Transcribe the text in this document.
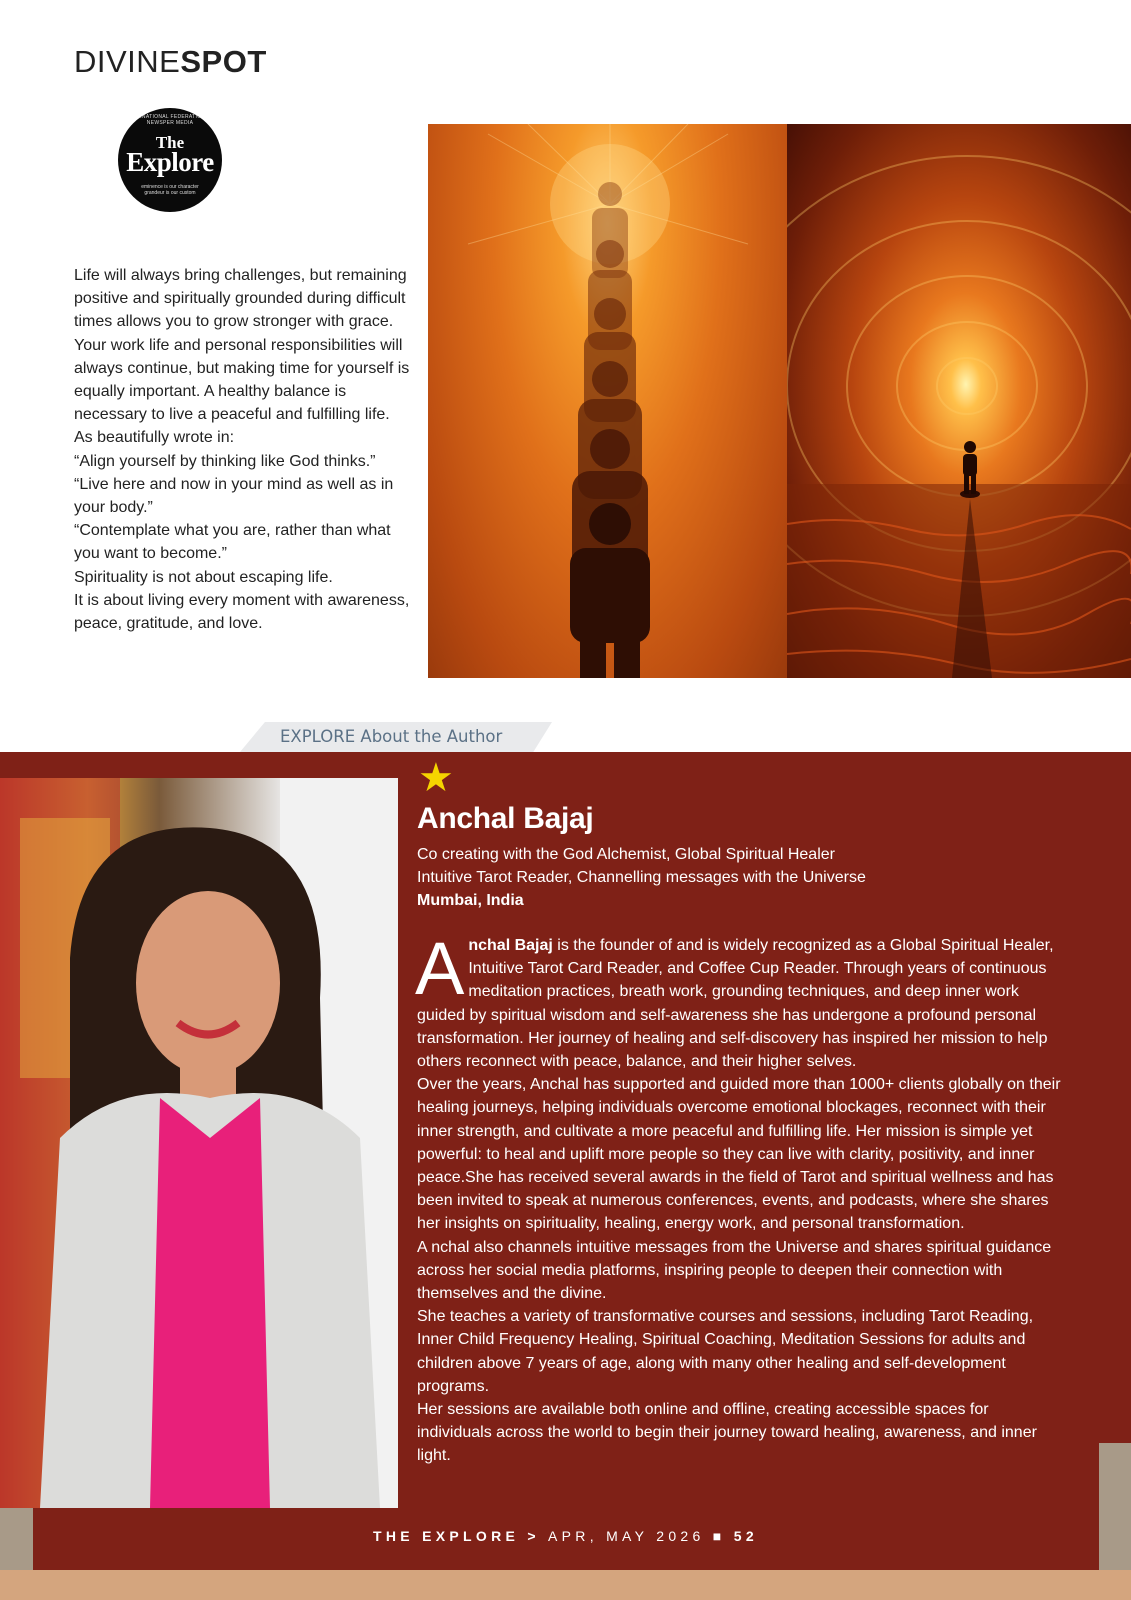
DIVINESPOT
INTERNATIONAL FEDERATION OF NEWSPER MEDIA
The
Explore
eminence is our character grandeur is our custom

Life will always bring challenges, but remaining positive and spiritually grounded during difficult times allows you to grow stronger with grace.

Your work life and personal responsibilities will always continue, but making time for yourself is equally important. A healthy balance is necessary to live a peaceful and fulfilling life.

As beautifully wrote in:

“Align yourself by thinking like God thinks.”

“Live here and now in your mind as well as in your body.”

“Contemplate what you are, rather than what you want to become.”

Spirituality is not about escaping life.

It is about living every moment with awareness, peace, gratitude, and love.

EXPLORE About the Author
★
Anchal Bajaj

Co creating with the God Alchemist, Global Spiritual Healer

Intuitive Tarot Reader, Channelling messages with the Universe

Mumbai, India

Anchal Bajaj is the founder of and is widely recognized as a Global Spiritual Healer, Intuitive Tarot Card Reader, and Coffee Cup Reader. Through years of continuous meditation practices, breath work, grounding techniques, and deep inner work guided by spiritual wisdom and self-awareness she has undergone a profound personal transformation. Her journey of healing and self-discovery has inspired her mission to help others reconnect with peace, balance, and their higher selves.

Over the years, Anchal has supported and guided more than 1000+ clients globally on their healing journeys, helping individuals overcome emotional blockages, reconnect with their inner strength, and cultivate a more peaceful and fulfilling life. Her mission is simple yet powerful: to heal and uplift more people so they can live with clarity, positivity, and inner peace.She has received several awards in the field of Tarot and spiritual wellness and has been invited to speak at numerous conferences, events, and podcasts, where she shares her insights on spirituality, healing, energy work, and personal transformation.

A nchal also channels intuitive messages from the Universe and shares spiritual guidance across her social media platforms, inspiring people to deepen their connection with themselves and the divine.

She teaches a variety of transformative courses and sessions, including Tarot Reading, Inner Child Frequency Healing, Spiritual Coaching, Meditation Sessions for adults and children above 7 years of age, along with many other healing and self-development programs.

Her sessions are available both online and offline, creating accessible spaces for individuals across the world to begin their journey toward healing, awareness, and inner light.

THE EXPLORE > APR, MAY 2026 ■ 52
